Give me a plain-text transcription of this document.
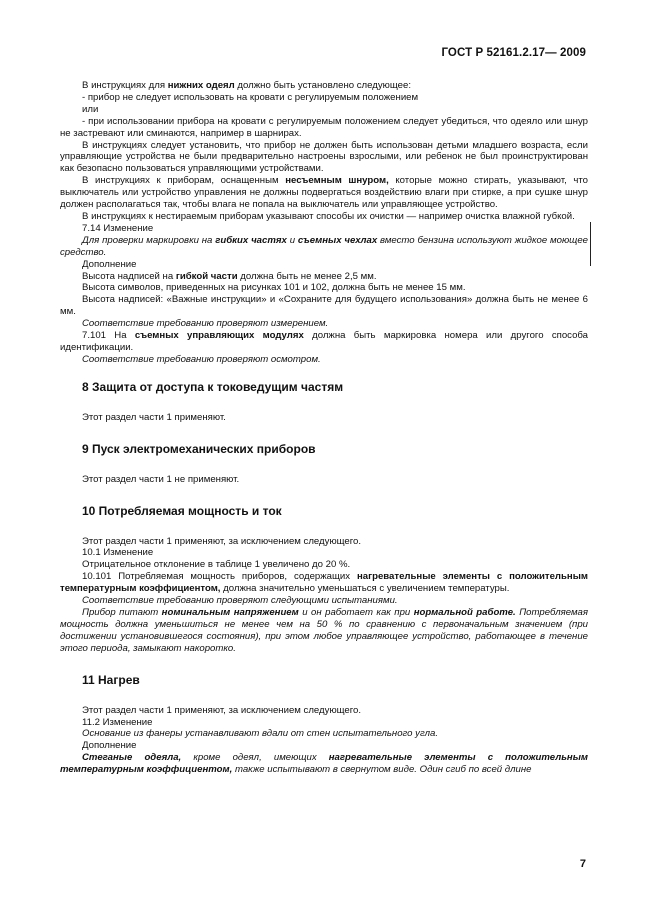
ГОСТ Р 52161.2.17— 2009

В инструкциях для нижних одеял должно быть установлено следующее:

- прибор не следует использовать на кровати с регулируемым положением

или

- при использовании прибора на кровати с регулируемым положением следует убедиться, что одеяло или шнур не застревают или сминаются, например в шарнирах.

В инструкциях следует установить, что прибор не должен быть использован детьми младшего возраста, если управляющие устройства не были предварительно настроены взрослыми, или ребенок не был проинструктирован как безопасно пользоваться управляющими устройствами.

В инструкциях к приборам, оснащенным несъемным шнуром, которые можно стирать, указывают, что выключатель или устройство управления не должны подвергаться воздействию влаги при стирке, а при сушке шнур должен располагаться так, чтобы влага не попала на выключатель или управляющее устройство.

В инструкциях к нестираемым приборам указывают способы их очистки — например очистка влажной губкой.

7.14 Изменение

Для проверки маркировки на гибких частях и съемных чехлах вместо бензина используют жидкое моющее средство.

Дополнение

Высота надписей на гибкой части должна быть не менее 2,5 мм.

Высота символов, приведенных на рисунках 101 и 102, должна быть не менее 15 мм.

Высота надписей: «Важные инструкции» и «Сохраните для будущего использования» должна быть не менее 6 мм.

Соответствие требованию проверяют измерением.

7.101 На съемных управляющих модулях должна быть маркировка номера или другого способа идентификации.

Соответствие требованию проверяют осмотром.

8 Защита от доступа к токоведущим частям

Этот раздел части 1 применяют.

9 Пуск электромеханических приборов

Этот раздел части 1 не применяют.

10 Потребляемая мощность и ток

Этот раздел части 1 применяют, за исключением следующего.

10.1 Изменение

Отрицательное отклонение в таблице 1 увеличено до 20 %.

10.101 Потребляемая мощность приборов, содержащих нагревательные элементы с положительным температурным коэффициентом, должна значительно уменьшаться с увеличением температуры.

Соответствие требованию проверяют следующими испытаниями.

Прибор питают номинальным напряжением и он работает как при нормальной работе. Потребляемая мощность должна уменьшиться не менее чем на 50 % по сравнению с первоначальным значением (при достижении установившегося состояния), при этом любое управляющее устройство, работающее в течение этого периода, замыкают накоротко.

11 Нагрев

Этот раздел части 1 применяют, за исключением следующего.

11.2 Изменение

Основание из фанеры устанавливают вдали от стен испытательного угла.

Дополнение

Стеганые одеяла, кроме одеял, имеющих нагревательные элементы с положительным температурным коэффициентом, также испытывают в свернутом виде. Один сгиб по всей длине

7
